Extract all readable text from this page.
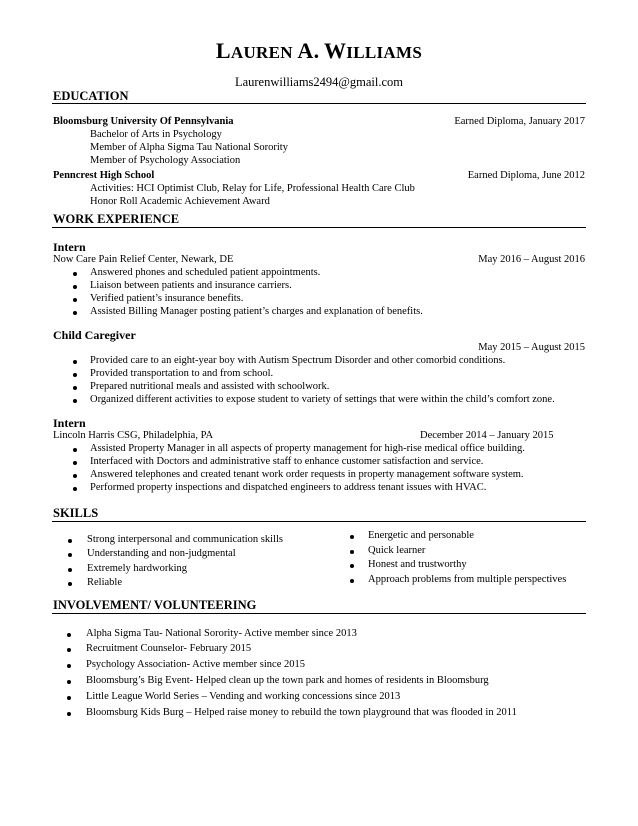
LAUREN A. WILLIAMS
Laurenwilliams2494@gmail.com
EDUCATION
Bloomsburg University Of Pennsylvania	Earned Diploma, January 2017
Bachelor of Arts in Psychology
Member of Alpha Sigma Tau National Sorority
Member of Psychology Association
Penncrest High School	Earned Diploma, June 2012
Activities: HCI Optimist Club, Relay for Life, Professional Health Care Club
Honor Roll Academic Achievement Award
WORK EXPERIENCE
Intern
Now Care Pain Relief Center, Newark, DE	May 2016 – August 2016
Answered phones and scheduled patient appointments.
Liaison between patients and insurance carriers.
Verified patient’s insurance benefits.
Assisted Billing Manager posting patient’s charges and explanation of benefits.
Child Caregiver
May 2015 – August 2015
Provided care to an eight-year boy with Autism Spectrum Disorder and other comorbid conditions.
Provided transportation to and from school.
Prepared nutritional meals and assisted with schoolwork.
Organized different activities to expose student to variety of settings that were within the child’s comfort zone.
Intern
Lincoln Harris CSG, Philadelphia, PA	December 2014 – January 2015
Assisted Property Manager in all aspects of property management for high-rise medical office building.
Interfaced with Doctors and administrative staff to enhance customer satisfaction and service.
Answered telephones and created tenant work order requests in property management software system.
Performed property inspections and dispatched engineers to address tenant issues with HVAC.
SKILLS
Strong interpersonal and communication skills
Understanding and non-judgmental
Extremely hardworking
Reliable
Energetic and personable
Quick learner
Honest and trustworthy
Approach problems from multiple perspectives
INVOLVEMENT/ VOLUNTEERING
Alpha Sigma Tau- National Sorority- Active member since 2013
Recruitment Counselor- February 2015
Psychology Association- Active member since 2015
Bloomsburg’s Big Event- Helped clean up the town park and homes of residents in Bloomsburg
Little League World Series – Vending and working concessions since 2013
Bloomsburg Kids Burg – Helped raise money to rebuild the town playground that was flooded in 2011
